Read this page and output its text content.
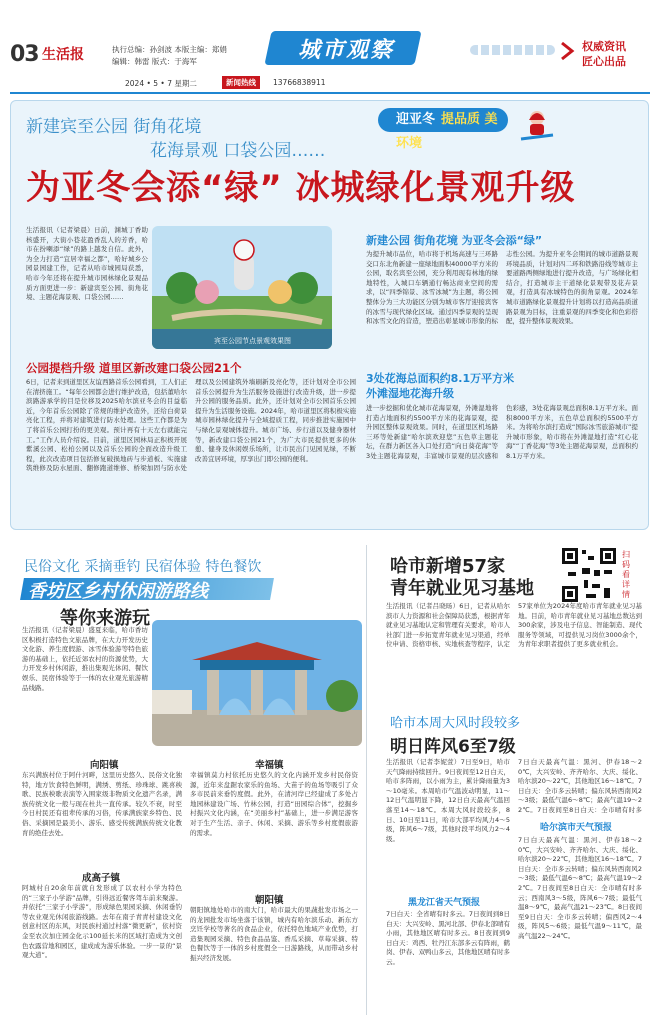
03 生活报	执行总编：孙剑波 本版主编：郑娟
编辑：韩雷 版式：于海军	城市观察	权威资讯
匠心出品
2024 • 5 • 7 星期二	新闻热线	13766838911
新建宾至公园 街角花境
花海景观 口袋公园……
迎亚冬 提品质 美环境
为亚冬会添“绿” 冰城绿化景观升级
生活报讯（记者梁晨）日前，渊城丁香助核盛开，大街小巷花盈香乱人的芳香，哈市在扮喇添“绿”的路上越发自信。此外，为全力打造“宜居幸福之都”，哈好城乡公园景园建工作，记者从哈市城园局获悉，哈市今年还将在提升城市园林绿化景观品质方面更进一步：新建宾至公园、街角花境、主题花海景观、口袋公园……
宾至公园节点景观效果图
公园提档升级 道里区新改建口袋公园21个
6日，记者来到道里区友谊西路首乐公园看到，工人们正在清挤施工。“每年公园都会进行维护改造，包括董哈尔滨路游承学的目是位移及2025哈尔滨亚冬会的目益临近，今年首乐公园除了常规的维护改造外，还给白荷景亮化工程，并将对建筑进行防水处理。这些工作都是为了将首乐公园打扮的更美观。预计再有十天左右就能完工。”工作人员介绍说。目前，道里区园林局正积极开展紫溪公园、松柏公园以及首乐公园的全面改造升级工程，此次改造项目包括修复破损地砖与步道板、实施建筑维修及防水屋面、翻修跑道维修、桥梁加固与防水处理以及公园建筑外墙刷新及亮化等，还计划对全市公园首乐公园提升为生活服务设施进行改造升级，进一步提升公园的服务品质。此外，还计划对全市公园首乐公园提升为生活服务设施。2024年，哈市道里区将积极实施城市园林绿化提升与全域提质工程，同步推进实施园中与绿化景观城体提升。城市广场、步行道以及健身器材等，新改建口袋公园21个，为广大市民提供更多的休憩、健身及休闲娱乐场所，让市民出门见园见绿，不断改善宜居环境，厚享出门即公园的便利。
新建公园 街角花境 为亚冬会添“绿”
为提升城市品位，哈市将于机场高速与三环路交口东北角新建一座绿地面积40000平方米的公园，取名宾至公园，充分利用现有林地的绿地特性，入城口车辆通行畅达商业空间的需求，以“四季锦景、冰雪冰城”为主题，将公园整体分为三大功能区分别为城市客厅迎接宾客的冰雪与现代绿化区域。通过四季景观的呈现和冰雪文化的营造，塑造出彰显城市形象的标志性公园。为提升亚冬会期间的城市道路景观环境品质，计划对四二环和铁路沿线等城市主要道路两侧绿地进行提升改造，与广场绿化相结合，打造城市主干道绿化景观带及花卉景观，打造具有冰城特色的街角景观。2024年城市道路绿化景观提升计划将以打造高品质道路景观为目标，注重景观的四季变化和色彩搭配，提升整体景观效果。
3处花海总面积约8.1万平方米
外滩湿地花海升级
进一步挖掘和优化城市花海景观，外滩湿地将打造占地面积约5500平方米的花海景观，提升园区整体景观效果。同时，在道里区机场路三环等处新建“哈尔滨欢迎您”五色草主题花坛，在群力新区各入口处打造“向日葵花海”等3处主题花海景观，丰富城市景观的层次感和色彩感，3处花海景观总面积8.1万平方米。面积8000平方米，五色草总面积约5500平方米。为将哈尔滨打造成“国际冰雪旅游城市”提升城市形象，哈市将在外滩湿地打造“红心花海”“丁香花海”等3处主题花海景观，总面积约8.1万平方米。
民俗文化 采摘垂钓 民宿体验 特色餐饮
香坊区乡村休闲游路线
等你来游玩
生活报讯（记者梁晨）盛夏来临，哈市香坊区积极打造特色文旅品牌，在大力开发历史文化游、养生度假游、冰雪体验游等特色旅游的基础上，依托近郊农村的资源优势，大力开发乡村休闲游，推出集观光休闲、餐饮娱乐、民宿体验等于一体的农业观光旅游精品线路。
向阳镇
东兴满族村位于阿什河畔，这里历史悠久、民俗文化独特，地方饮食特色鲜明，满绣、剪纸、珍珠球、跳喜秧歌、民族秧歌表演等入围家级非物质文化遗产名录，满族传统文化一般与现在杜共一直传承。较久不衰，时至今日村民还有祖辈传承的习俗，传承满族家乡特色、民俗、采摘园是最美小、游乐、感受传统满族传统文化教育的绝佳去处。
成高子镇
阿城村自20余年前就自发形成了以农村小学为特色的“三家子小学游”品牌，引得远近餐客驾车前来聚游。并依托“三家子小学游”，形成绿色果园采摘、休闲垂钓等农业观光休闲旅游线路。去年在南子青青村建设文化创意村区的东风，对民族村通过村落“微更新”，依村资金至农次加庄园金化示100延长米的区域打造成为文创色农露营地和园区，建成成为游乐体验。一步一景的“景观大道”。
幸福镇
幸福镇莫力村依托历史悠久的文化内涵开发乡村民俗资源，近年来盘踞农家乐的鱼场、大苗子的鱼场等吸引了众多市民前来垂钓度假。此外，在清河岸已经建成了多处占地园林建设广场、竹林公园，打造“田园综合体”，挖掘乡村振兴文化内涵，在“美丽乡村”基础上，进一步满足游客对于生产生活、亲子、休闲、采摘、游乐等乡村度假旅游的需求。
朝阳镇
朝阳镇地处哈市的南大门，哈市最大的果蔬批发市场之一的龙园批发市场坐落于该镇，城内有哈尔滨乐动、新东方烹饪学校等著名的食品企业，依托特色地域产业优势，打造集观园采摘、特色食品品鉴、香瓜采摘、草莓采摘、特色餐饮等于一体的乡村度假全一日游路线，从而带动乡村振兴经济发展。
哈市新增57家
青年就业见习基地
扫码看详情
生活报讯（记者吕晓旸）6日，记者从哈尔滨市人力资源和社会保障局获悉，根据青年就业见习基地认定和管理有关要求，哈市人社部门进一步拓宽青年就业见习渠道，经单位申请、资格审核、实地核查等程序，认定57家单位为2024年度哈市青年就业见习基地。目前，哈市青年就业见习基地总数达到300余家，涉及电子信息、智能制造、现代服务等领域，可提供见习岗位3000余个，为青年求职者提供了更多就业机会。
哈市本周大风时段较多
明日阵风6至7级
生活报讯（记者李妮萱）7日至9日，哈市天气降雨持续回升。9日夜间至12日白天，哈市多阵雨，以小雨为主，累计降雨量为3～10毫米。本周哈市气温波动明显，11～12日气温明显下降，12日白天最高气温回落至14～18℃。本周大风时段较多，8日、10日至11日，哈市大部平均风力4～5级，阵风6～7级，其他时段平均风力2～4级。
黑龙江省天气预报
7日白天：全省晴有时多云。7日夜间到8日白天：大兴安岭、黑河北部、伊春北部晴有小雨，其他地区晴有时多云。8日夜间到9日白天：鸡西、牡丹江东部多云有阵雨，鹤岗、伊春、双鸭山多云，其他地区晴有时多云。
哈尔滨市天气预报
7日白天最高气温：黑河、伊春18～20℃，大兴安岭、齐齐哈尔、大庆、绥化、哈尔滨20～22℃，其他地区16～18℃。7日白天：全市多云转晴；偏东风转西南风2～3级；最低气温6～8℃；最高气温19～22℃。7日夜间至8日白天：全市晴有时多
7日白天最高气温：黑河、伊春18～20℃，大兴安岭、齐齐哈尔、大庆、绥化、哈尔滨20～22℃，其他地区16～18℃。7日白天：全市多云转晴；偏东风转西南风2～3级；最低气温6～8℃；最高气温19～22℃。7日夜间至8日白天：全市晴有时多云；西南风3～5级，阵风6～7级；最低气温8～9℃，最高气温21～23℃。8日夜间至9日白天：全市多云转晴；偏西风2～4级，阵风5～6级；最低气温9～11℃，最高气温22～24℃。
